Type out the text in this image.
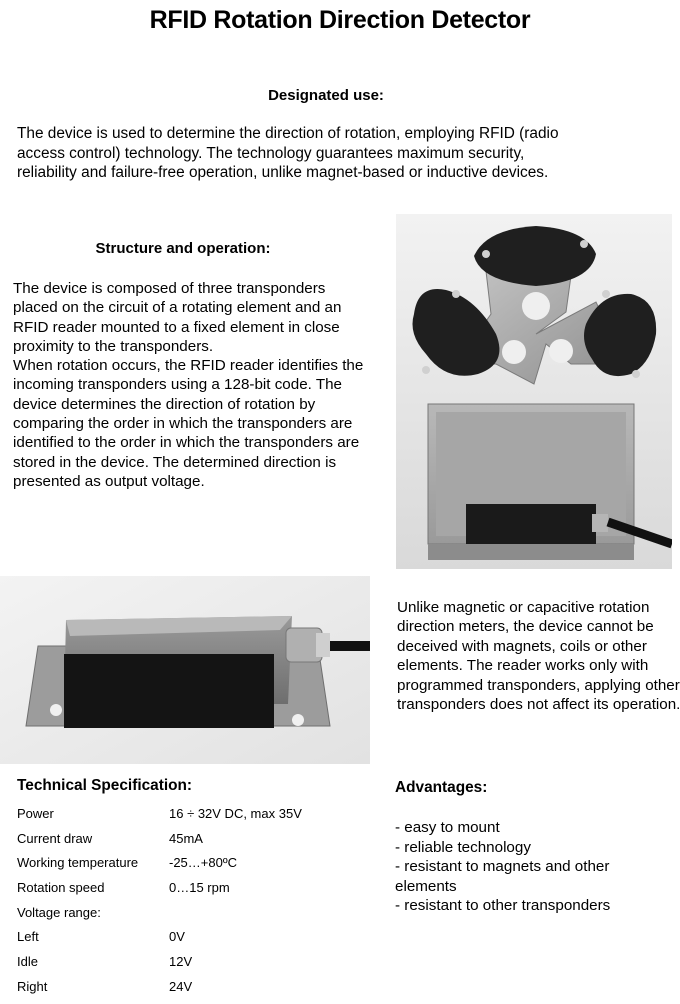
RFID Rotation Direction Detector
Designated use:

The device is used to determine the direction of rotation, employing RFID (radio access control) technology. The technology guarantees maximum security, reliability and failure-free operation, unlike magnet-based or inductive devices.

Structure and operation:
The device is composed of three transponders placed on the circuit of a rotating element and an RFID reader mounted to a fixed element in close proximity to the transponders.
When rotation occurs, the RFID reader identifies the incoming transponders using a 128-bit code. The device determines the direction of rotation by comparing the order in which the transponders are identified to the order in which the transponders are stored in the device. The determined direction is presented as output voltage.

Unlike magnetic or capacitive rotation direction meters, the device cannot be deceived with magnets, coils or other elements. The reader works only with programmed transponders, applying other transponders does not affect its operation.

Technical Specification:
Power	16 ÷ 32V DC, max 35V
Current draw	45mA
Working temperature -25…+80ºC
Rotation speed	0…15 rpm
Voltage range:
Left	0V
Idle	12V
Right	24V
Advantages:
- easy to mount
- reliable technology
- resistant to magnets and other elements
- resistant to other transponders
